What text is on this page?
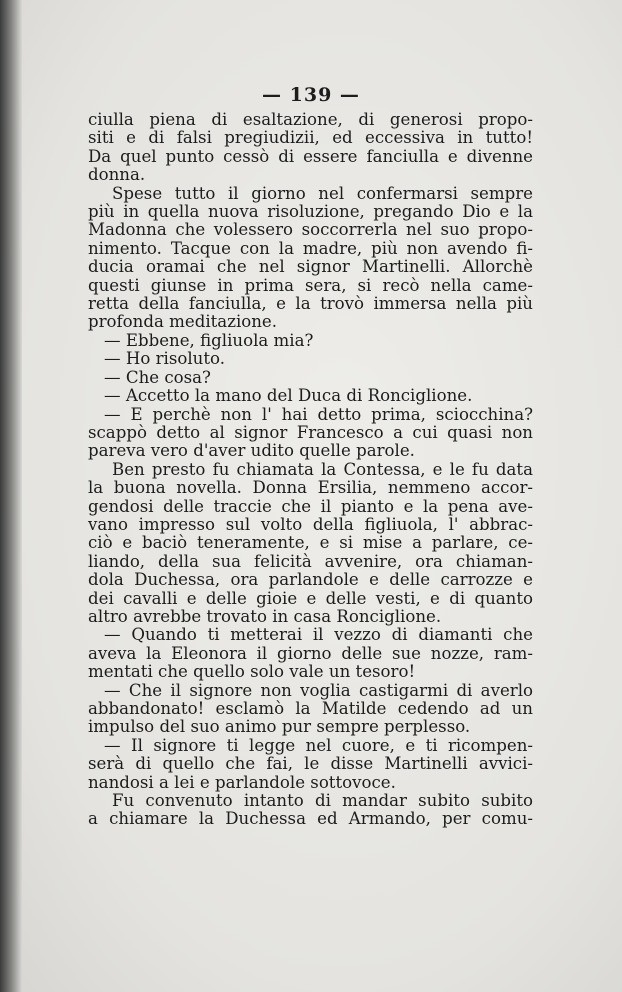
— 139 —
ciulla piena di esaltazione, di generosi propo-
siti e di falsi pregiudizii, ed eccessiva in tutto!
Da quel punto cessò di essere fanciulla e divenne
donna.
Spese tutto il giorno nel confermarsi sempre
più in quella nuova risoluzione, pregando Dio e la
Madonna che volessero soccorrerla nel suo propo-
nimento. Tacque con la madre, più non avendo fi-
ducia oramai che nel signor Martinelli. Allorchè
questi giunse in prima sera, si recò nella came-
retta della fanciulla, e la trovò immersa nella più
profonda meditazione.
— Ebbene, figliuola mia?
— Ho risoluto.
— Che cosa?
— Accetto la mano del Duca di Ronciglione.
— E perchè non l' hai detto prima, sciocchina?
scappò detto al signor Francesco a cui quasi non
pareva vero d'aver udito quelle parole.
Ben presto fu chiamata la Contessa, e le fu data
la buona novella. Donna Ersilia, nemmeno accor-
gendosi delle traccie che il pianto e la pena ave-
vano impresso sul volto della figliuola, l' abbrac-
ciò e baciò teneramente, e si mise a parlare, ce-
liando, della sua felicità avvenire, ora chiaman-
dola Duchessa, ora parlandole e delle carrozze e
dei cavalli e delle gioie e delle vesti, e di quanto
altro avrebbe trovato in casa Ronciglione.
— Quando ti metterai il vezzo di diamanti che
aveva la Eleonora il giorno delle sue nozze, ram-
mentati che quello solo vale un tesoro!
— Che il signore non voglia castigarmi di averlo
abbandonato! esclamò la Matilde cedendo ad un
impulso del suo animo pur sempre perplesso.
— Il signore ti legge nel cuore, e ti ricompen-
serà di quello che fai, le disse Martinelli avvici-
nandosi a lei e parlandole sottovoce.
Fu convenuto intanto di mandar subito subito
a chiamare la Duchessa ed Armando, per comu-
